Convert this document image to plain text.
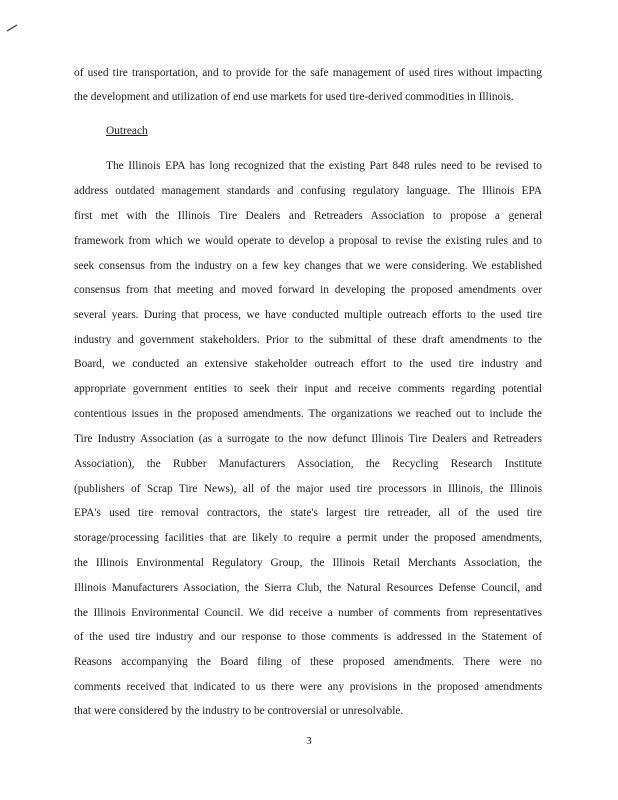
of used tire transportation, and to provide for the safe management of used tires without impacting
the development and utilization of end use markets for used tire-derived commodities in Illinois.
Outreach
The Illinois EPA has long recognized that the existing Part 848 rules need to be revised to
address outdated management standards and confusing regulatory language. The Illinois EPA
first met with the Illinois Tire Dealers and Retreaders Association to propose a general
framework from which we would operate to develop a proposal to revise the existing rules and to
seek consensus from the industry on a few key changes that we were considering. We established
consensus from that meeting and moved forward in developing the proposed amendments over
several years. During that process, we have conducted multiple outreach efforts to the used tire
industry and government stakeholders. Prior to the submittal of these draft amendments to the
Board, we conducted an extensive stakeholder outreach effort to the used tire industry and
appropriate government entities to seek their input and receive comments regarding potential
contentious issues in the proposed amendments. The organizations we reached out to include the
Tire Industry Association (as a surrogate to the now defunct Illinois Tire Dealers and Retreaders
Association), the Rubber Manufacturers Association, the Recycling Research Institute
(publishers of Scrap Tire News), all of the major used tire processors in Illinois, the Illinois
EPA's used tire removal contractors, the state's largest tire retreader, all of the used tire
storage/processing facilities that are likely to require a permit under the proposed amendments,
the Illinois Environmental Regulatory Group, the Illinois Retail Merchants Association, the
Illinois Manufacturers Association, the Sierra Club, the Natural Resources Defense Council, and
the Illinois Environmental Council. We did receive a number of comments from representatives
of the used tire industry and our response to those comments is addressed in the Statement of
Reasons accompanying the Board filing of these proposed amendments. There were no
comments received that indicated to us there were any provisions in the proposed amendments
that were considered by the industry to be controversial or unresolvable.
3
